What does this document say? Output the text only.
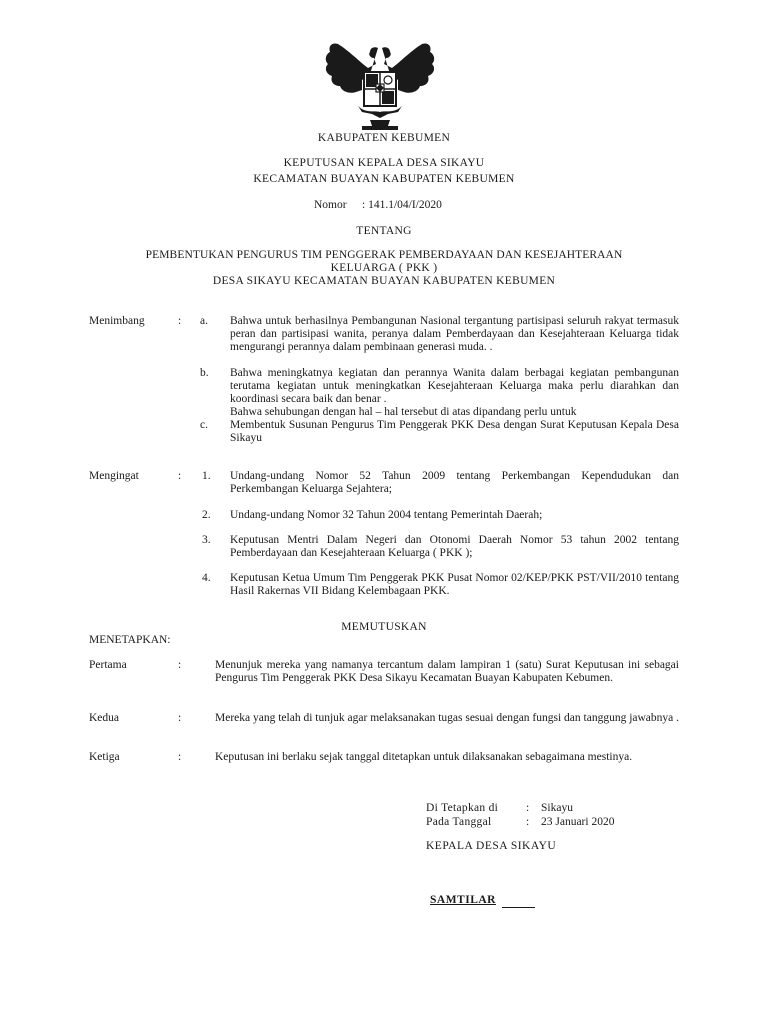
KABUPATEN KEBUMEN
KEPUTUSAN KEPALA DESA SIKAYU
KECAMATAN BUAYAN KABUPATEN KEBUMEN
Nomor : 141.1/04/I/2020
TENTANG
PEMBENTUKAN PENGURUS TIM PENGGERAK PEMBERDAYAAN DAN KESEJAHTERAAN
KELUARGA ( PKK )
DESA SIKAYU KECAMATAN BUAYAN KABUPATEN KEBUMEN
Menimbang	: a. Bahwa untuk berhasilnya Pembangunan Nasional tergantung partisipasi seluruh rakyat termasuk peran dan partisipasi wanita, peranya dalam Pemberdayaan dan Kesejahteraan Keluarga tidak mengurangi perannya dalam pembinaan generasi muda. .
b. Bahwa meningkatnya kegiatan dan perannya Wanita dalam berbagai kegiatan pembangunan terutama kegiatan untuk meningkatkan Kesejahteraan Keluarga maka perlu diarahkan dan koordinasi secara baik dan benar .
Bahwa sehubungan dengan hal – hal tersebut di atas dipandang perlu untuk
c. Membentuk Susunan Pengurus Tim Penggerak PKK Desa dengan Surat Keputusan Kepala Desa Sikayu
Mengingat	: 1. Undang-undang Nomor 52 Tahun 2009 tentang Perkembangan Kependudukan dan Perkembangan Keluarga Sejahtera;
2. Undang-undang Nomor 32 Tahun 2004 tentang Pemerintah Daerah;
3. Keputusan Mentri Dalam Negeri dan Otonomi Daerah Nomor 53 tahun 2002 tentang Pemberdayaan dan Kesejahteraan Keluarga ( PKK );
4. Keputusan Ketua Umum Tim Penggerak PKK Pusat Nomor 02/KEP/PKK PST/VII/2010 tentang Hasil Rakernas VII Bidang Kelembagaan PKK.
MEMUTUSKAN
MENETAPKAN:
Pertama	:	Menunjuk mereka yang namanya tercantum dalam lampiran 1 (satu) Surat Keputusan ini sebagai Pengurus Tim Penggerak PKK Desa Sikayu Kecamatan Buayan Kabupaten Kebumen.
Kedua	:	Mereka yang telah di tunjuk agar melaksanakan tugas sesuai dengan fungsi dan tanggung jawabnya .
Ketiga	:	Keputusan ini berlaku sejak tanggal ditetapkan untuk dilaksanakan sebagaimana mestinya.
Di Tetapkan di : Sikayu
Pada Tanggal	: 23 Januari 2020
KEPALA DESA SIKAYU
SAMTILAR
